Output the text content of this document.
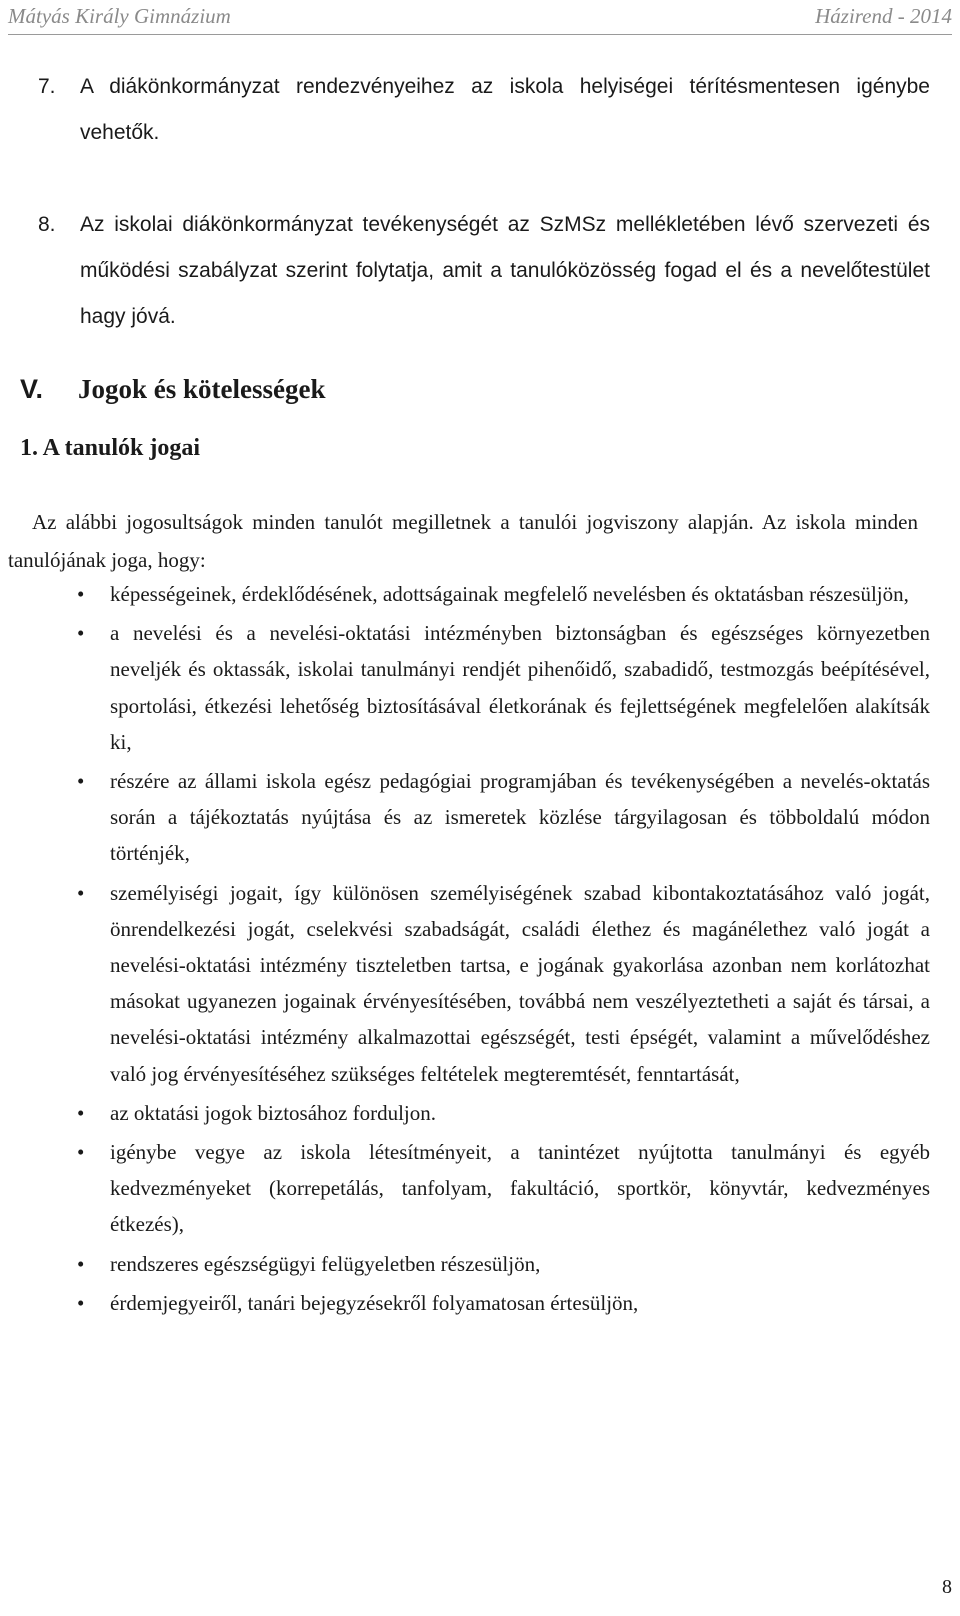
Mátyás Király Gimnázium	Házirend - 2014
7. A diákönkormányzat rendezvényeihez az iskola helyiségei térítésmentesen igénybe vehetők.
8. Az iskolai diákönkormányzat tevékenységét az SzMSz mellékletében lévő szervezeti és működési szabályzat szerint folytatja, amit a tanulóközösség fogad el és a nevelőtestület hagy jóvá.
V. Jogok és kötelességek
1. A tanulók jogai

Az alábbi jogosultságok minden tanulót megilletnek a tanulói jogviszony alapján. Az iskola minden tanulójának joga, hogy:

• képességeinek, érdeklődésének, adottságainak megfelelő nevelésben és oktatásban részesüljön,
• a nevelési és a nevelési-oktatási intézményben biztonságban és egészséges környezetben neveljék és oktassák, iskolai tanulmányi rendjét pihenőidő, szabadidő, testmozgás beépítésével, sportolási, étkezési lehetőség biztosításával életkorának és fejlettségének megfelelően alakítsák ki,
• részére az állami iskola egész pedagógiai programjában és tevékenységében a nevelés-oktatás során a tájékoztatás nyújtása és az ismeretek közlése tárgyilagosan és többoldalú módon történjék,
• személyiségi jogait, így különösen személyiségének szabad kibontakoztatásához való jogát, önrendelkezési jogát, cselekvési szabadságát, családi élethez és magánélethez való jogát a nevelési-oktatási intézmény tiszteletben tartsa, e jogának gyakorlása azonban nem korlátozhat másokat ugyanezen jogainak érvényesítésében, továbbá nem veszélyeztetheti a saját és társai, a nevelési-oktatási intézmény alkalmazottai egészségét, testi épségét, valamint a művelődéshez való jog érvényesítéséhez szükséges feltételek megteremtését, fenntartását,
• az oktatási jogok biztosához forduljon.
• igénybe vegye az iskola létesítményeit, a tanintézet nyújtotta tanulmányi és egyéb kedvezményeket (korrepetálás, tanfolyam, fakultáció, sportkör, könyvtár, kedvezményes étkezés),
• rendszeres egészségügyi felügyeletben részesüljön,
• érdemjegyeiről, tanári bejegyzésekről folyamatosan értesüljön,
8
